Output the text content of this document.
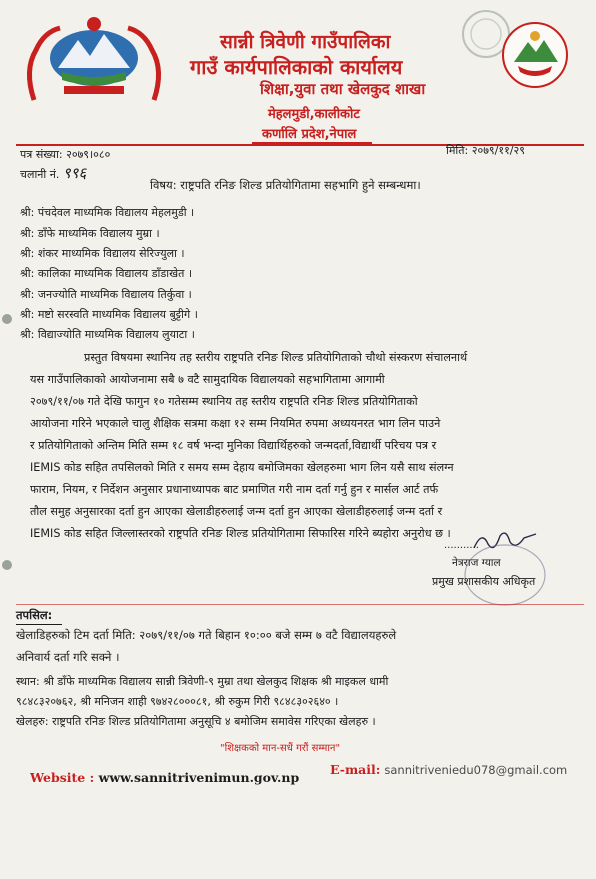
सान्नी त्रिवेणी गाउँपालिका
गाउँ कार्यपालिकाको कार्यालय
शिक्षा,युवा तथा खेलकुद शाखा
मेहलमुडी,कालीकोट
कर्णालि प्रदेश,नेपाल
पत्र संख्या: २०७९।०८०	मिति: २०७९/११/२९
चलानी नं. ९९६
विषय: राष्ट्रपति रनिङ शिल्ड प्रतियोगितामा सहभागि हुने सम्बन्धमा।
श्री: पंचदेवल माध्यमिक विद्यालय मेहलमुडी ।
श्री: डाँफे माध्यमिक विद्यालय मुम्रा ।
श्री: शंकर माध्यमिक विद्यालय सेरिज्युला ।
श्री: कालिका माध्यमिक विद्यालय डाँडाखेत ।
श्री: जनज्योति माध्यमिक विद्यालय तिर्कुवा ।
श्री: मष्टो सरस्वति माध्यमिक विद्यालय बुट्टीगे ।
श्री: विद्याज्योति माध्यमिक विद्यालय लुयाटा ।
प्रस्तुत विषयमा स्थानिय तह स्तरीय राष्ट्रपति रनिङ शिल्ड प्रतियोगिताको चौथो संस्करण संचालनार्थ
यस गाउँपालिकाको आयोजनामा सबै ७ वटै सामुदायिक विद्यालयको सहभागितामा आगामी
२०७९/११/०७ गते देखि फागुन १० गतेसम्म स्थानिय तह स्तरीय राष्ट्रपति रनिङ शिल्ड प्रतियोगिताको
आयोजना गरिने भएकाले चालु शैक्षिक सत्रमा कक्षा १२ सम्म नियमित रुपमा अध्ययनरत भाग लिन पाउने
र प्रतियोगिताको अन्तिम मिति सम्म १८ वर्ष भन्दा मुनिका विद्यार्थिहरुको जन्मदर्ता,विद्यार्थी परिचय पत्र र
IEMIS कोड सहित तपसिलको मिति र समय सम्म देहाय बमोजिमका खेलहरुमा भाग लिन यसै साथ संलग्न
फाराम, नियम, र निर्देशन अनुसार प्रधानाध्यापक बाट प्रमाणित गरी नाम दर्ता गर्नु हुन र मार्सल आर्ट तर्फ
तौल समुह अनुसारका दर्ता हुन आएका खेलाडीहरुलाई जन्म दर्ता हुन आएका खेलाडीहरुलाई जन्म दर्ता र
IEMIS कोड सहित जिल्लास्तरको राष्ट्रपति रनिङ शिल्ड प्रतियोगितामा सिफारिस गरिने ब्यहोरा अनुरोध छ ।
...........
नेत्रराज ग्याल
प्रमुख प्रशासकीय अधिकृत
तपसिल:
खेलाडिहरुको टिम दर्ता मिति: २०७९/११/०७ गते बिहान १०:०० बजे सम्म ७ वटै विद्यालयहरुले
अनिवार्य दर्ता गरि सक्ने ।
स्थान: श्री डाँफे माध्यमिक विद्यालय सान्नी त्रिवेणी-९ मुम्रा तथा खेलकुद शिक्षक श्री माइकल धामी
९८४८३२०७६२, श्री मनिजन शाही ९७४२८०००८१, श्री रुकुम गिरी ९८४८३०२६४० ।
खेलहरु: राष्ट्रपति रनिङ शिल्ड प्रतियोगितामा अनुसूचि ४ बमोजिम समावेस गरिएका खेलहरु ।
"शिक्षकको मान-सधैं गरौं सम्मान"
Website : www.sannitrivenimun.gov.np
E-mail: sannitriveniedu078@gmail.com
